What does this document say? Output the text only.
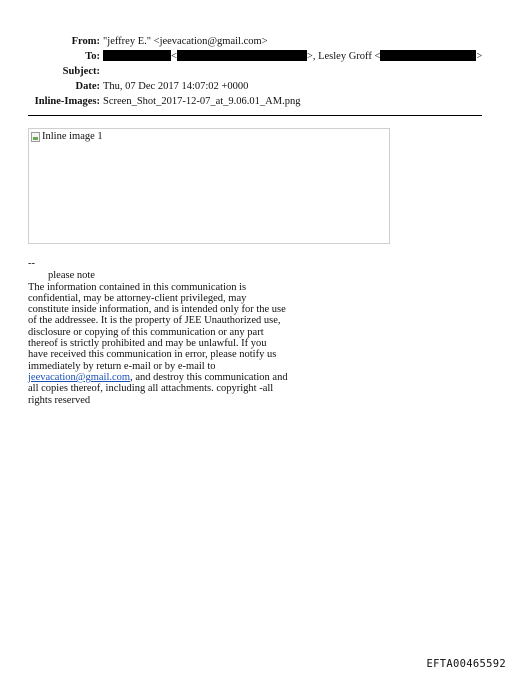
From: "jeffrey E." <jeevacation@gmail.com>
To:	<	>, Lesley Groff <	>
Subject:
Date: Thu, 07 Dec 2017 14:07:02 +0000
Inline-Images: Screen_Shot_2017-12-07_at_9.06.01_AM.png
Inline image 1
--
please note

The information contained in this communication is confidential, may be attorney-client privileged, may constitute inside information, and is intended only for the use of the addressee. It is the property of JEE Unauthorized use, disclosure or copying of this communication or any part thereof is strictly prohibited and may be unlawful. If you have received this communication in error, please notify us immediately by return e-mail or by e-mail to jeevacation@gmail.com, and destroy this communication and all copies thereof, including all attachments. copyright -all rights reserved

EFTA00465592
